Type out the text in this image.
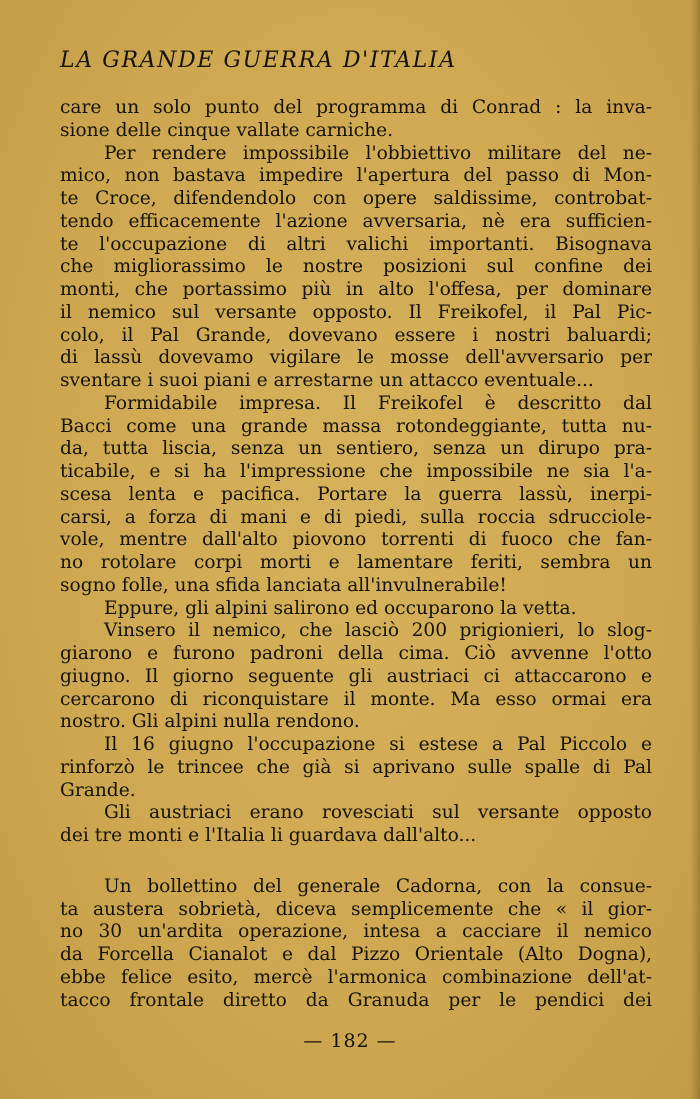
LA GRANDE GUERRA D'ITALIA
care un solo punto del programma di Conrad : la inva-
sione delle cinque vallate carniche.
Per rendere impossibile l'obbiettivo militare del ne-
mico, non bastava impedire l'apertura del passo di Mon-
te Croce, difendendolo con opere saldissime, controbat-
tendo efficacemente l'azione avversaria, nè era sufficien-
te l'occupazione di altri valichi importanti. Bisognava
che migliorassimo le nostre posizioni sul confine dei
monti, che portassimo più in alto l'offesa, per dominare
il nemico sul versante opposto. Il Freikofel, il Pal Pic-
colo, il Pal Grande, dovevano essere i nostri baluardi;
di lassù dovevamo vigilare le mosse dell'avversario per
sventare i suoi piani e arrestarne un attacco eventuale...
Formidabile impresa. Il Freikofel è descritto dal
Bacci come una grande massa rotondeggiante, tutta nu-
da, tutta liscia, senza un sentiero, senza un dirupo pra-
ticabile, e si ha l'impressione che impossibile ne sia l'a-
scesa lenta e pacifica. Portare la guerra lassù, inerpi-
carsi, a forza di mani e di piedi, sulla roccia sdrucciole-
vole, mentre dall'alto piovono torrenti di fuoco che fan-
no rotolare corpi morti e lamentare feriti, sembra un
sogno folle, una sfida lanciata all'invulnerabile!
Eppure, gli alpini salirono ed occuparono la vetta.
Vinsero il nemico, che lasciò 200 prigionieri, lo slog-
giarono e furono padroni della cima. Ciò avvenne l'otto
giugno. Il giorno seguente gli austriaci ci attaccarono e
cercarono di riconquistare il monte. Ma esso ormai era
nostro. Gli alpini nulla rendono.
Il 16 giugno l'occupazione si estese a Pal Piccolo e
rinforzò le trincee che già si aprivano sulle spalle di Pal
Grande.
Gli austriaci erano rovesciati sul versante opposto
dei tre monti e l'Italia li guardava dall'alto...
Un bollettino del generale Cadorna, con la consue-
ta austera sobrietà, diceva semplicemente che « il gior-
no 30 un'ardita operazione, intesa a cacciare il nemico
da Forcella Cianalot e dal Pizzo Orientale (Alto Dogna),
ebbe felice esito, mercè l'armonica combinazione dell'at-
tacco frontale diretto da Granuda per le pendici dei
— 182 —
